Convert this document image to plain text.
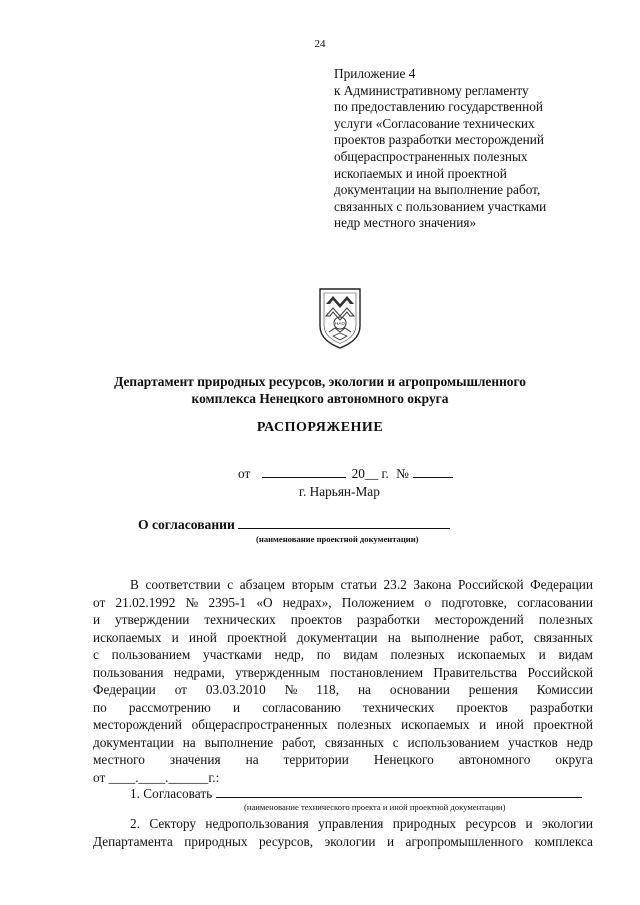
24
Приложение 4
к Административному регламенту
по предоставлению государственной
услуги «Согласование технических
проектов разработки месторождений
общераспространенных полезных
ископаемых и иной проектной
документации на выполнение работ,
связанных с пользованием участками
недр местного значения»
НАО
Департамент природных ресурсов, экологии и агропромышленного
комплекса Ненецкого автономного округа
РАСПОРЯЖЕНИЕ
от	20__ г. №
г. Нарьян-Мар
О согласовании
(наименование проектной документации)
В соответствии с абзацем вторым статьи 23.2 Закона Российской Федерации
от 21.02.1992 № 2395-1 «О недрах», Положением о подготовке, согласовании
и утверждении технических проектов разработки месторождений полезных
ископаемых и иной проектной документации на выполнение работ, связанных
с пользованием участками недр, по видам полезных ископаемых и видам
пользования недрами, утвержденным постановлением Правительства Российской
Федерации от 03.03.2010 № 118, на основании решения Комиссии
по рассмотрению и согласованию технических проектов разработки
месторождений общераспространенных полезных ископаемых и иной проектной
документации на выполнение работ, связанных с использованием участков недр
местного значения на территории Ненецкого автономного округа
от ____.____.______г.:
1. Согласовать
(наименование технического проекта и иной проектной документации)
2. Сектору недропользования управления природных ресурсов и экологии
Департамента природных ресурсов, экологии и агропромышленного комплекса
